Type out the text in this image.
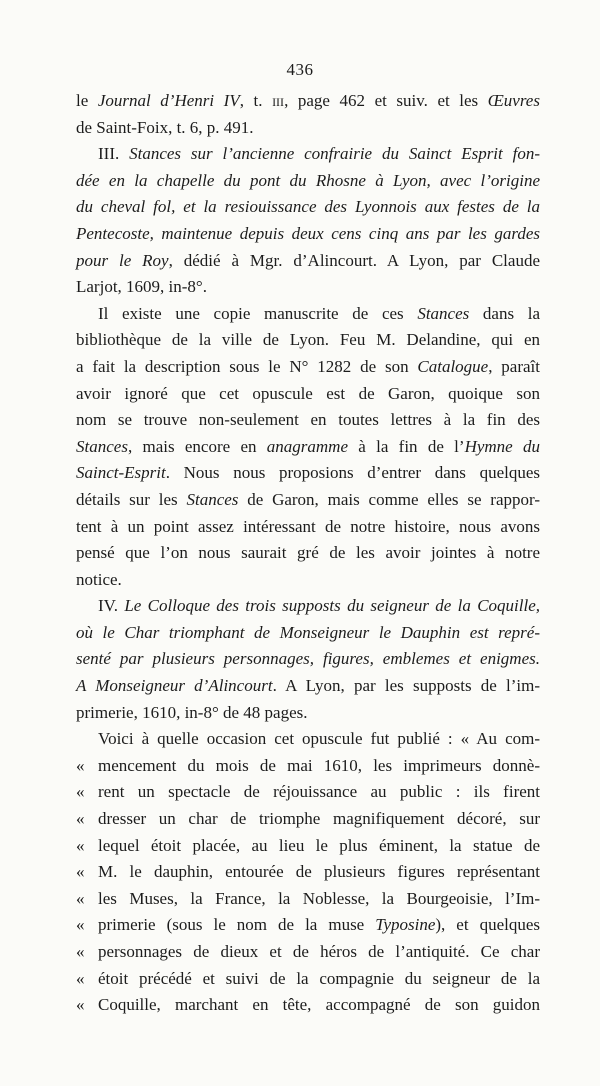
436
le Journal d’Henri IV, t. iii, page 462 et suiv. et les Œuvres
de Saint-Foix, t. 6, p. 491.
III. Stances sur l’ancienne confrairie du Sainct Esprit fon-
dée en la chapelle du pont du Rhosne à Lyon, avec l’origine
du cheval fol, et la resiouissance des Lyonnois aux festes de la
Pentecoste, maintenue depuis deux cens cinq ans par les gardes
pour le Roy, dédié à Mgr. d’Alincourt. A Lyon, par Claude
Larjot, 1609, in-8°.
Il existe une copie manuscrite de ces Stances dans la
bibliothèque de la ville de Lyon. Feu M. Delandine, qui en
a fait la description sous le N° 1282 de son Catalogue, paraît
avoir ignoré que cet opuscule est de Garon, quoique son
nom se trouve non-seulement en toutes lettres à la fin des
Stances, mais encore en anagramme à la fin de l’Hymne du
Sainct-Esprit. Nous nous proposions d’entrer dans quelques
détails sur les Stances de Garon, mais comme elles se rappor-
tent à un point assez intéressant de notre histoire, nous avons
pensé que l’on nous saurait gré de les avoir jointes à notre
notice.
IV. Le Colloque des trois supposts du seigneur de la Coquille,
où le Char triomphant de Monseigneur le Dauphin est repré-
senté par plusieurs personnages, figures, emblemes et enigmes.
A Monseigneur d’Alincourt. A Lyon, par les supposts de l’im-
primerie, 1610, in-8° de 48 pages.
Voici à quelle occasion cet opuscule fut publié : « Au com-
« mencement du mois de mai 1610, les imprimeurs donnè-
« rent un spectacle de réjouissance au public : ils firent
« dresser un char de triomphe magnifiquement décoré, sur
« lequel étoit placée, au lieu le plus éminent, la statue de
« M. le dauphin, entourée de plusieurs figures représentant
« les Muses, la France, la Noblesse, la Bourgeoisie, l’Im-
« primerie (sous le nom de la muse Typosine), et quelques
« personnages de dieux et de héros de l’antiquité. Ce char
« étoit précédé et suivi de la compagnie du seigneur de la
« Coquille, marchant en tête, accompagné de son guidon
